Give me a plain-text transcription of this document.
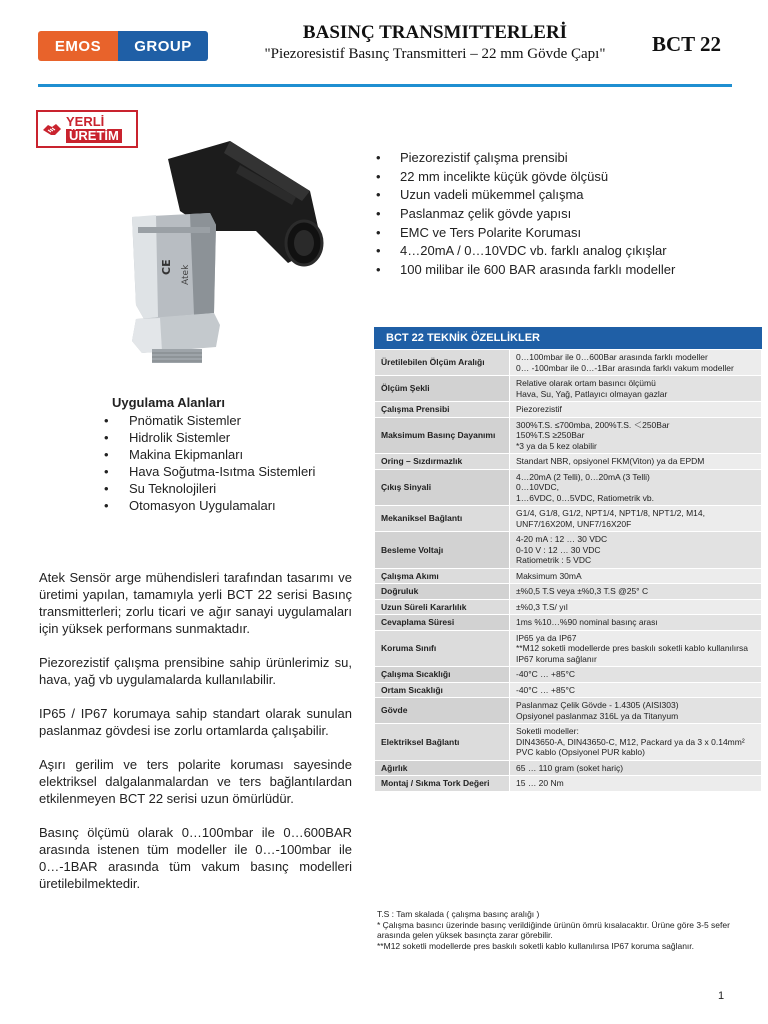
EMOS	GROUP
BASINÇ TRANSMITTERLERİ
"Piezoresistif Basınç Transmitteri – 22 mm Gövde Çapı"	BCT 22
YERLİ
ÜRETİM
CE Atek
• Piezorezistif çalışma prensibi
• 22 mm incelikte küçük gövde ölçüsü
• Uzun vadeli mükemmel çalışma
• Paslanmaz çelik gövde yapısı
• EMC ve Ters Polarite Koruması
• 4…20mA / 0…10VDC vb. farklı analog çıkışlar
• 100 milibar ile 600 BAR arasında farklı modeller
Uygulama Alanları
• Pnömatik Sistemler
• Hidrolik Sistemler
• Makina Ekipmanları
• Hava Soğutma-Isıtma Sistemleri
• Su Teknolojileri
• Otomasyon Uygulamaları

Atek Sensör arge mühendisleri tarafından tasarımı ve üretimi yapılan, tamamıyla yerli BCT 22 serisi Basınç transmitterleri; zorlu ticari ve ağır sanayi uygulamaları için yüksek performans sunmaktadır.

Piezorezistif çalışma prensibine sahip ürünlerimiz su, hava, yağ vb uygulamalarda kullanılabilir.

IP65 / IP67 korumaya sahip standart olarak sunulan paslanmaz gövdesi ise zorlu ortamlarda çalışabilir.

Aşırı gerilim ve ters polarite koruması sayesinde elektriksel dalgalanmalardan ve ters bağlantılardan etkilenmeyen BCT 22 serisi uzun ömürlüdür.

Basınç ölçümü olarak 0…100mbar ile 0…600BAR arasında istenen tüm modeller ile 0…-100mbar ile 0…-1BAR arasında tüm vakum basınç modelleri üretilebilmektedir.

BCT 22 TEKNİK ÖZELLİKLER
Üretilebilen Ölçüm Aralığı	0…100mbar ile 0…600Bar arasında farklı modeller
0… -100mbar ile 0…-1Bar arasında farklı vakum modeller
Ölçüm Şekli	Relative olarak ortam basıncı ölçümü
Hava, Su, Yağ, Patlayıcı olmayan gazlar
Çalışma Prensibi	Piezorezistif
Maksimum Basınç Dayanımı	300%T.S. ≤700mba, 200%T.S. ＜250Bar
150%T.S ≥250Bar
*3 ya da 5 kez olabilir
Oring – Sızdırmazlık	Standart NBR, opsiyonel FKM(Viton) ya da EPDM
Çıkış Sinyali	4…20mA (2 Telli), 0…20mA (3 Telli)
0…10VDC,
1…6VDC, 0…5VDC, Ratiometrik vb.
Mekaniksel Bağlantı	G1/4, G1/8, G1/2, NPT1/4, NPT1/8, NPT1/2, M14, UNF7/16X20M, UNF7/16X20F
Besleme Voltajı	4-20 mA : 12 … 30 VDC
0-10 V : 12 … 30 VDC
Ratiometrik : 5 VDC
Çalışma Akımı	Maksimum 30mA
Doğruluk	±%0,5 T.S veya ±%0,3 T.S @25° C
Uzun Süreli Kararlılık	±%0,3 T.S/ yıl
Cevaplama Süresi	1ms %10…%90 nominal basınç arası
Koruma Sınıfı	IP65 ya da IP67
**M12 soketli modellerde pres baskılı soketli kablo kullanılırsa IP67 koruma sağlanır
Çalışma Sıcaklığı	-40°C … +85°C
Ortam Sıcaklığı	-40°C … +85°C
Gövde	Paslanmaz Çelik Gövde - 1.4305 (AISI303)
Opsiyonel paslanmaz 316L ya da Titanyum
Elektriksel Bağlantı	Soketli modeller:
DIN43650-A, DIN43650-C, M12, Packard ya da 3 x 0.14mm² PVC kablo (Opsiyonel PUR kablo)
Ağırlık	65 … 110 gram (soket hariç)
Montaj / Sıkma Tork Değeri	15 … 20 Nm
T.S : Tam skalada ( çalışma basınç aralığı )
* Çalışma basıncı üzerinde basınç verildiğinde ürünün ömrü kısalacaktır. Ürüne göre 3-5 sefer arasında gelen yüksek basınçta zarar görebilir.
**M12 soketli modellerde pres baskılı soketli kablo kullanılırsa IP67 koruma sağlanır.
1
